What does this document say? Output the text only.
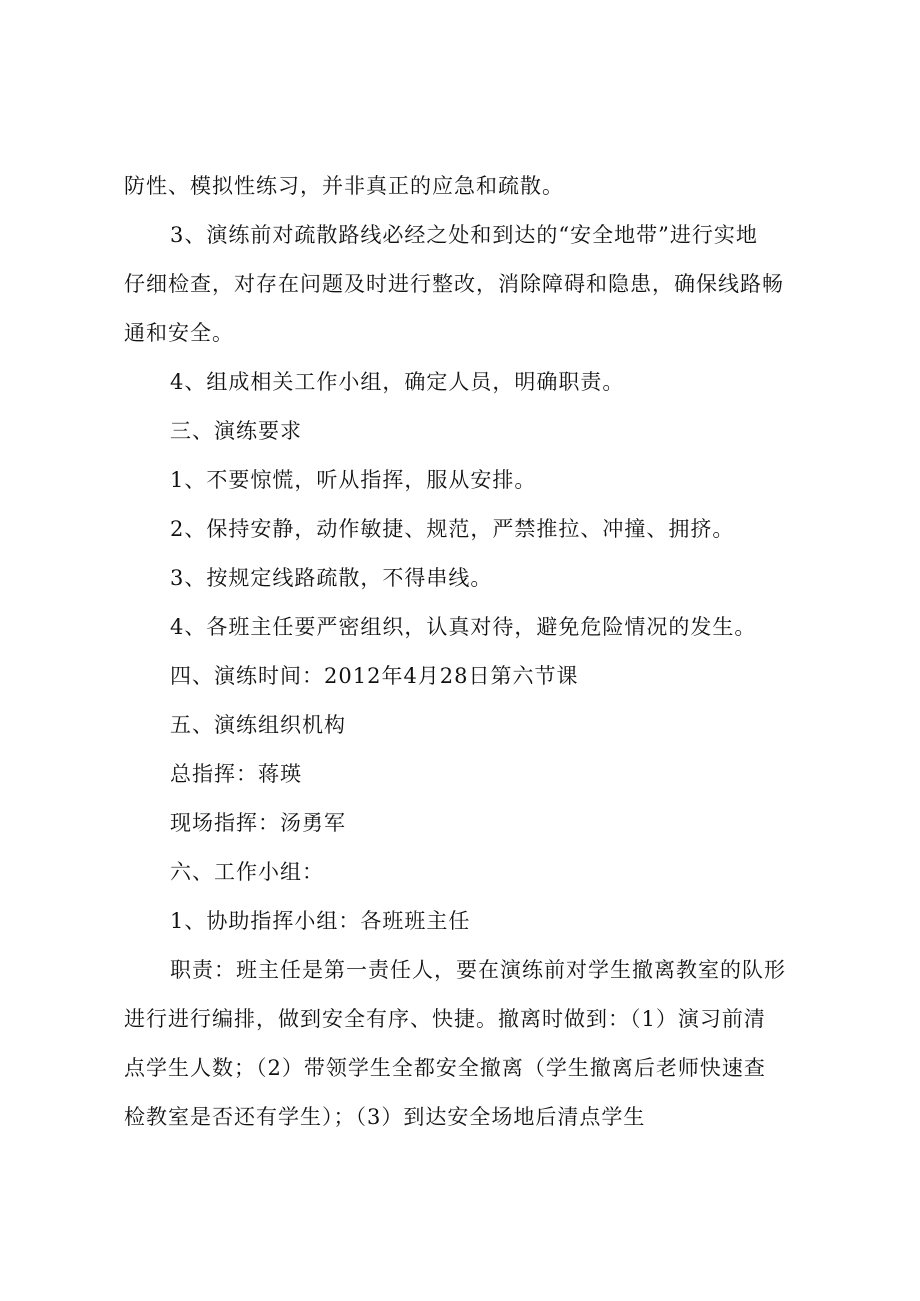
防性、模拟性练习，并非真正的应急和疏散。
3、演练前对疏散路线必经之处和到达的“安全地带”进行实地
仔细检查，对存在问题及时进行整改，消除障碍和隐患，确保线路畅
通和安全。
4、组成相关工作小组，确定人员，明确职责。
三、演练要求
1、不要惊慌，听从指挥，服从安排。
2、保持安静，动作敏捷、规范，严禁推拉、冲撞、拥挤。
3、按规定线路疏散，不得串线。
4、各班主任要严密组织，认真对待，避免危险情况的发生。
四、演练时间：2012年4月28日第六节课
五、演练组织机构
总指挥：蒋瑛
现场指挥：汤勇军
六、工作小组：
1、协助指挥小组：各班班主任
职责：班主任是第一责任人，要在演练前对学生撤离教室的队形
进行进行编排，做到安全有序、快捷。撤离时做到：（1）演习前清
点学生人数；（2）带领学生全都安全撤离（学生撤离后老师快速查
检教室是否还有学生）；（3）到达安全场地后清点学生
